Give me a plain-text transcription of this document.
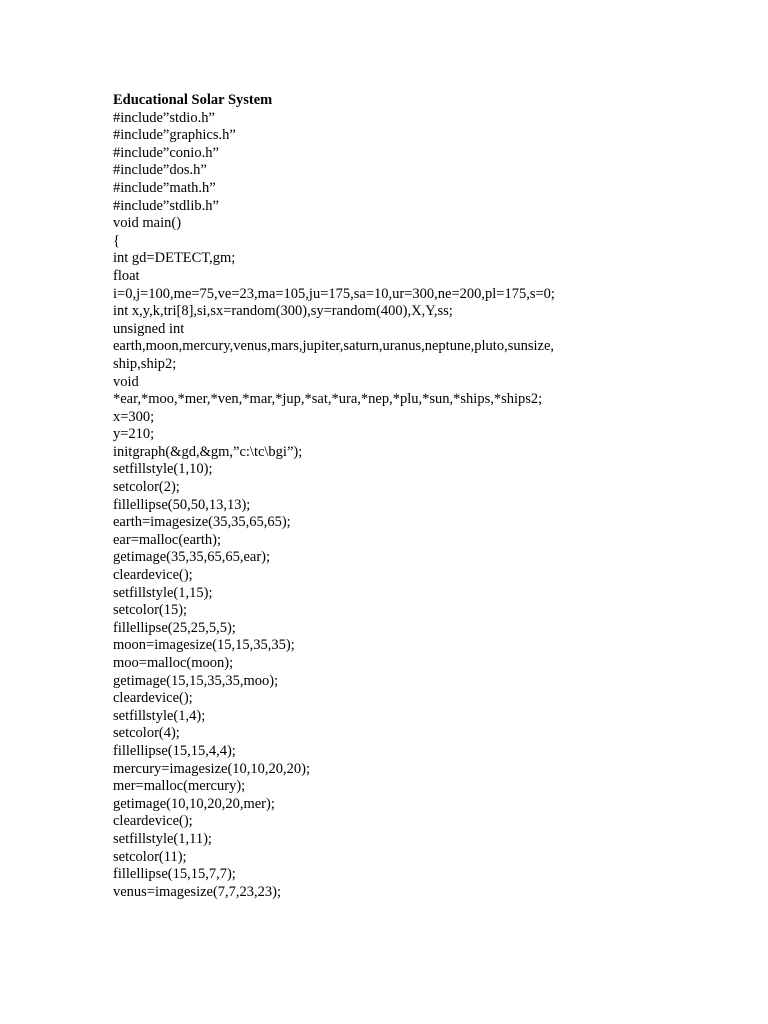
Educational Solar System
#include”stdio.h”
#include”graphics.h”
#include”conio.h”
#include”dos.h”
#include”math.h”
#include”stdlib.h”
void main()
{
int gd=DETECT,gm;
float
i=0,j=100,me=75,ve=23,ma=105,ju=175,sa=10,ur=300,ne=200,pl=175,s=0;
int x,y,k,tri[8],si,sx=random(300),sy=random(400),X,Y,ss;
unsigned int
earth,moon,mercury,venus,mars,jupiter,saturn,uranus,neptune,pluto,sunsize,
ship,ship2;
void
*ear,*moo,*mer,*ven,*mar,*jup,*sat,*ura,*nep,*plu,*sun,*ships,*ships2;
x=300;
y=210;
initgraph(&gd,&gm,”c:\tc\bgi”);
setfillstyle(1,10);
setcolor(2);
fillellipse(50,50,13,13);
earth=imagesize(35,35,65,65);
ear=malloc(earth);
getimage(35,35,65,65,ear);
cleardevice();
setfillstyle(1,15);
setcolor(15);
fillellipse(25,25,5,5);
moon=imagesize(15,15,35,35);
moo=malloc(moon);
getimage(15,15,35,35,moo);
cleardevice();
setfillstyle(1,4);
setcolor(4);
fillellipse(15,15,4,4);
mercury=imagesize(10,10,20,20);
mer=malloc(mercury);
getimage(10,10,20,20,mer);
cleardevice();
setfillstyle(1,11);
setcolor(11);
fillellipse(15,15,7,7);
venus=imagesize(7,7,23,23);
